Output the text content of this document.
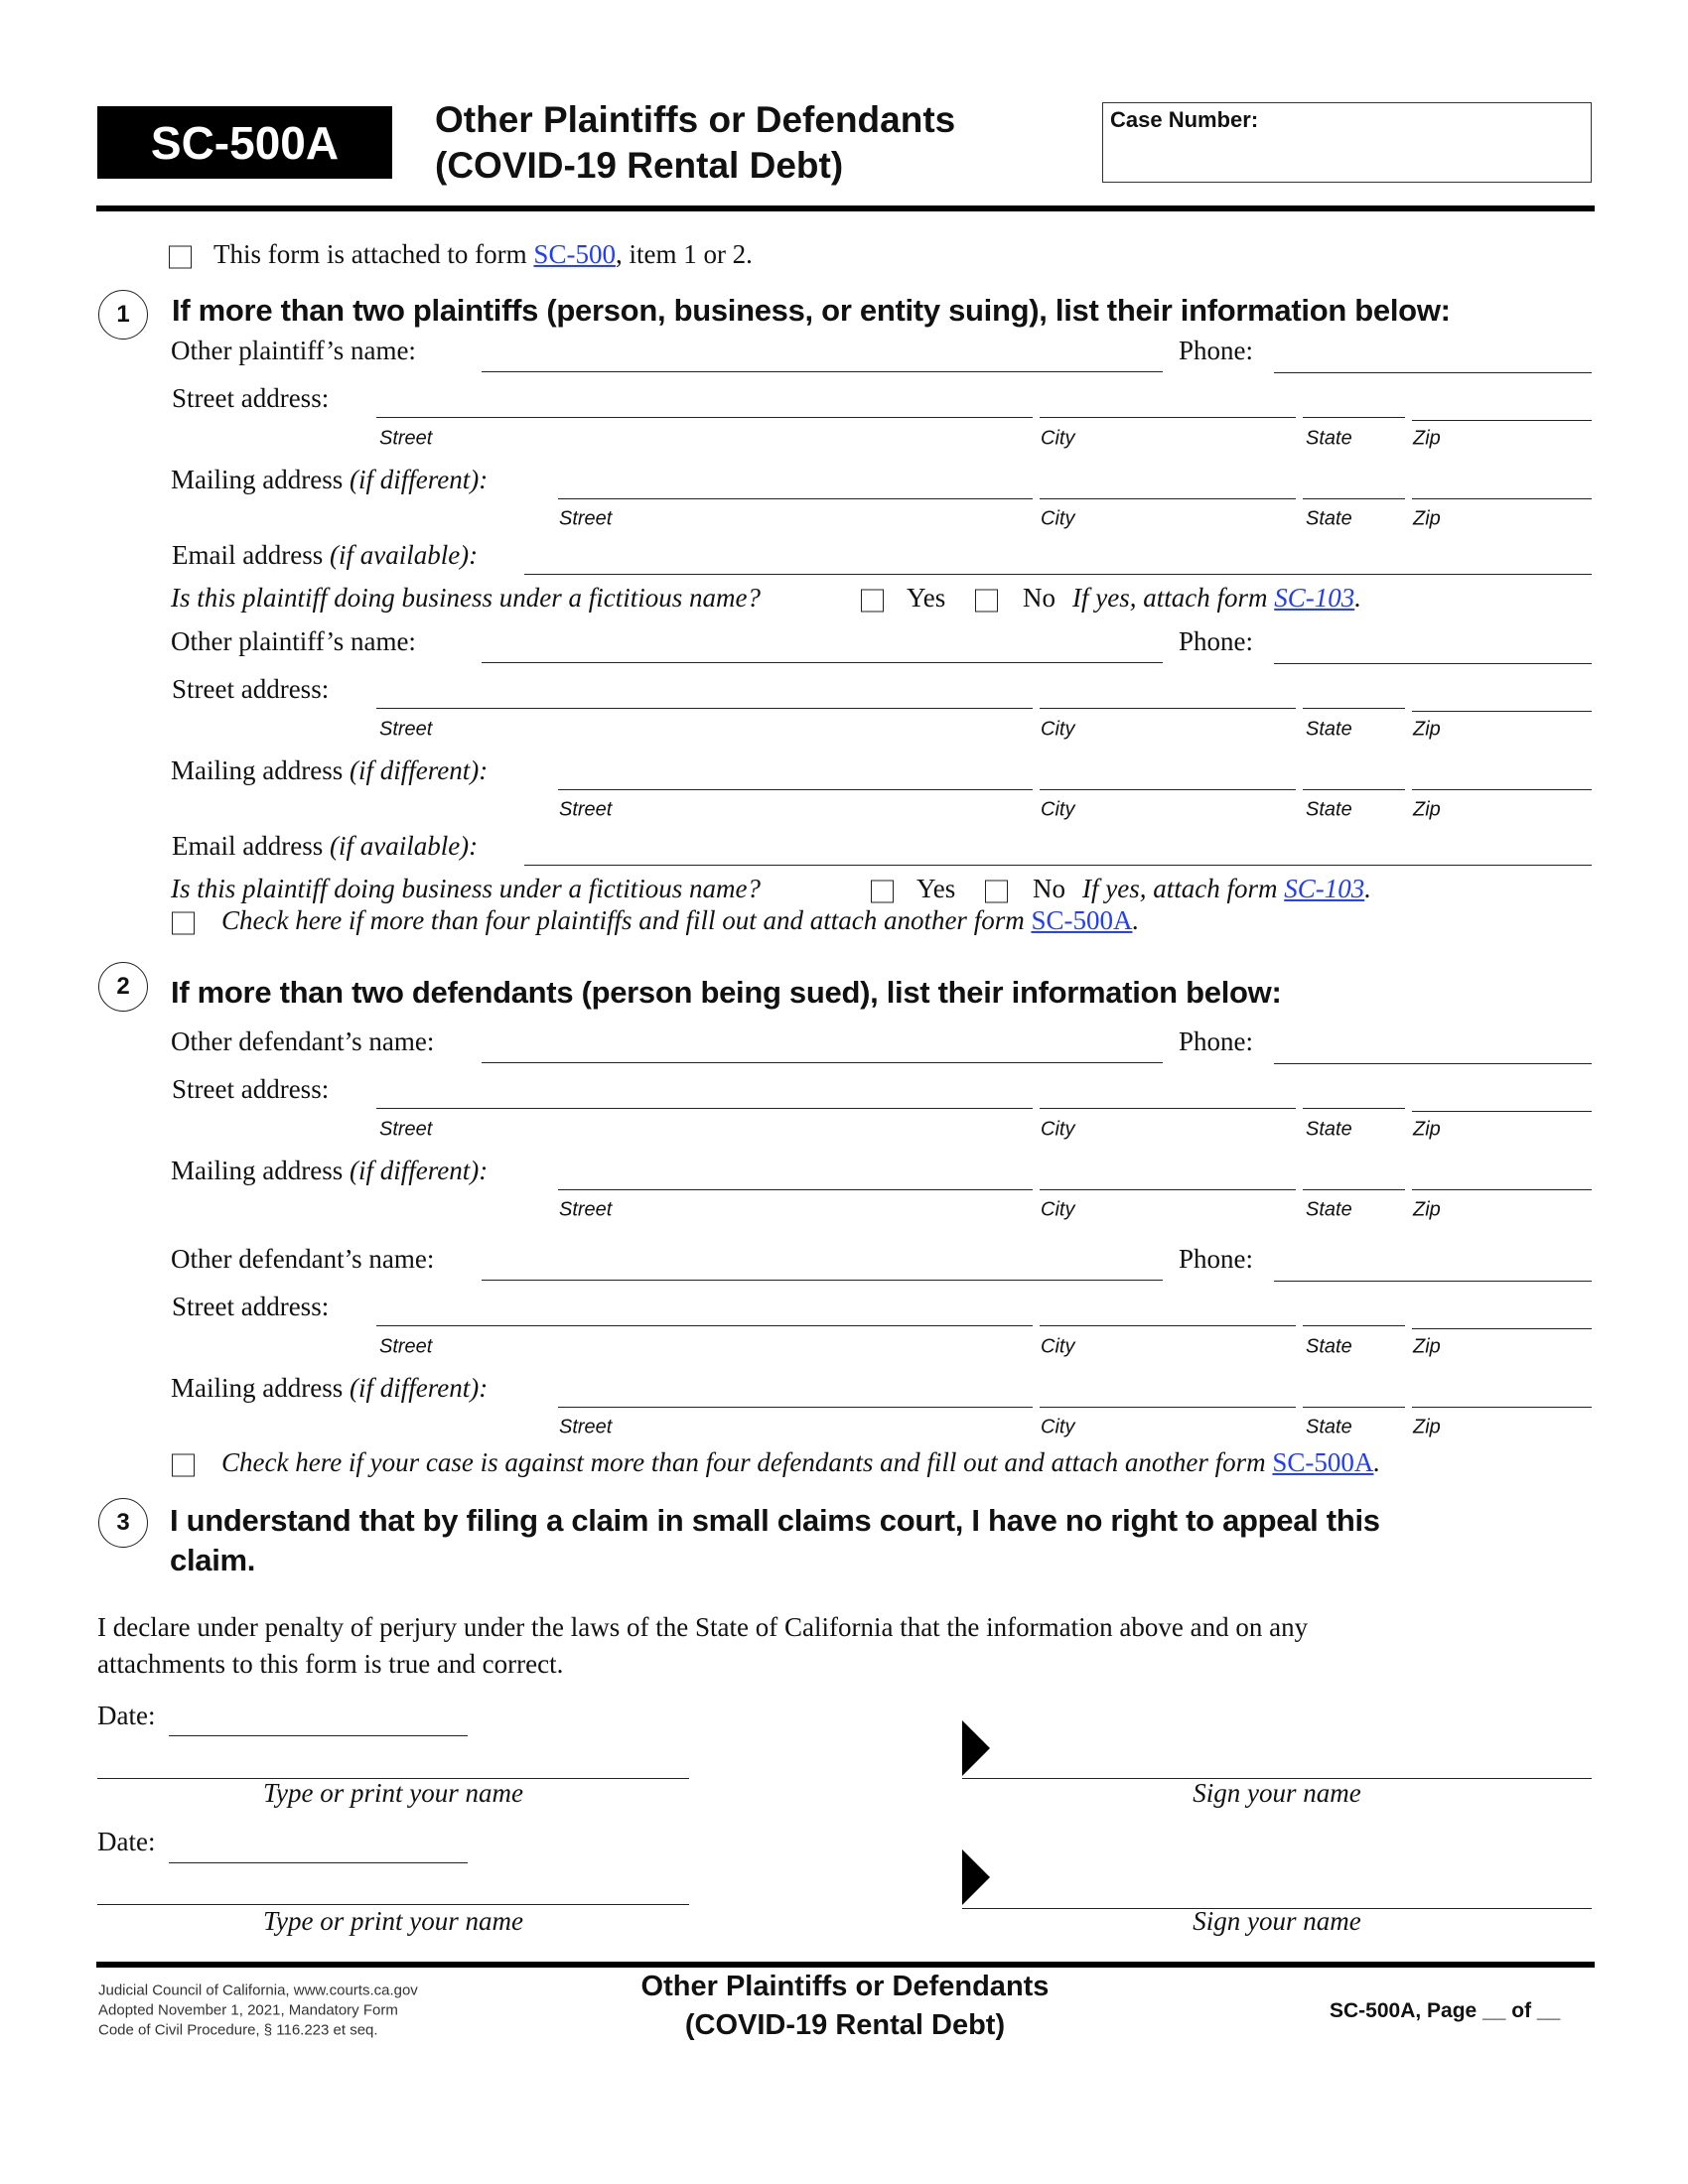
SC-500A	Other Plaintiffs or Defendants
(COVID-19 Rental Debt)
Case Number:
This form is attached to form SC-500, item 1 or 2.
1	If more than two plaintiffs (person, business, or entity suing), list their information below:
Check here if more than four plaintiffs and fill out and attach another form SC-500A.
2	If more than two defendants (person being sued), list their information below:
Check here if your case is against more than four defendants and fill out and attach another form SC-500A.
3	I understand that by filing a claim in small claims court, I have no right to appeal this
claim.
I declare under penalty of perjury under the laws of the State of California that the information above and on any
attachments to this form is true and correct.
Date:
Type or print your name	Sign your name
Date:
Type or print your name	Sign your name
Judicial Council of California, www.courts.ca.gov
Adopted November 1, 2021, Mandatory Form
Code of Civil Procedure, § 116.223 et seq.
Other Plaintiffs or Defendants
(COVID-19 Rental Debt)	SC-500A, Page __ of __
Other plaintiff’s name:	Phone:
Street address:
Street	City	State	Zip
Mailing address (if different):
Street	City	State	Zip
Email address (if available):
Is this plaintiff doing business under a fictitious name?	Yes	No If yes, attach form SC-103.
Other plaintiff’s name:	Phone:
Street address:
Street	City	State	Zip
Mailing address (if different):
Street	City	State	Zip
Email address (if available):
Is this plaintiff doing business under a fictitious name?	Yes	No If yes, attach form SC-103.
Other defendant’s name:	Phone:
Street address:
Street	City	State	Zip
Mailing address (if different):
Street	City	State	Zip
Other defendant’s name:	Phone:
Street address:
Street	City	State	Zip
Mailing address (if different):
Street	City	State	Zip
